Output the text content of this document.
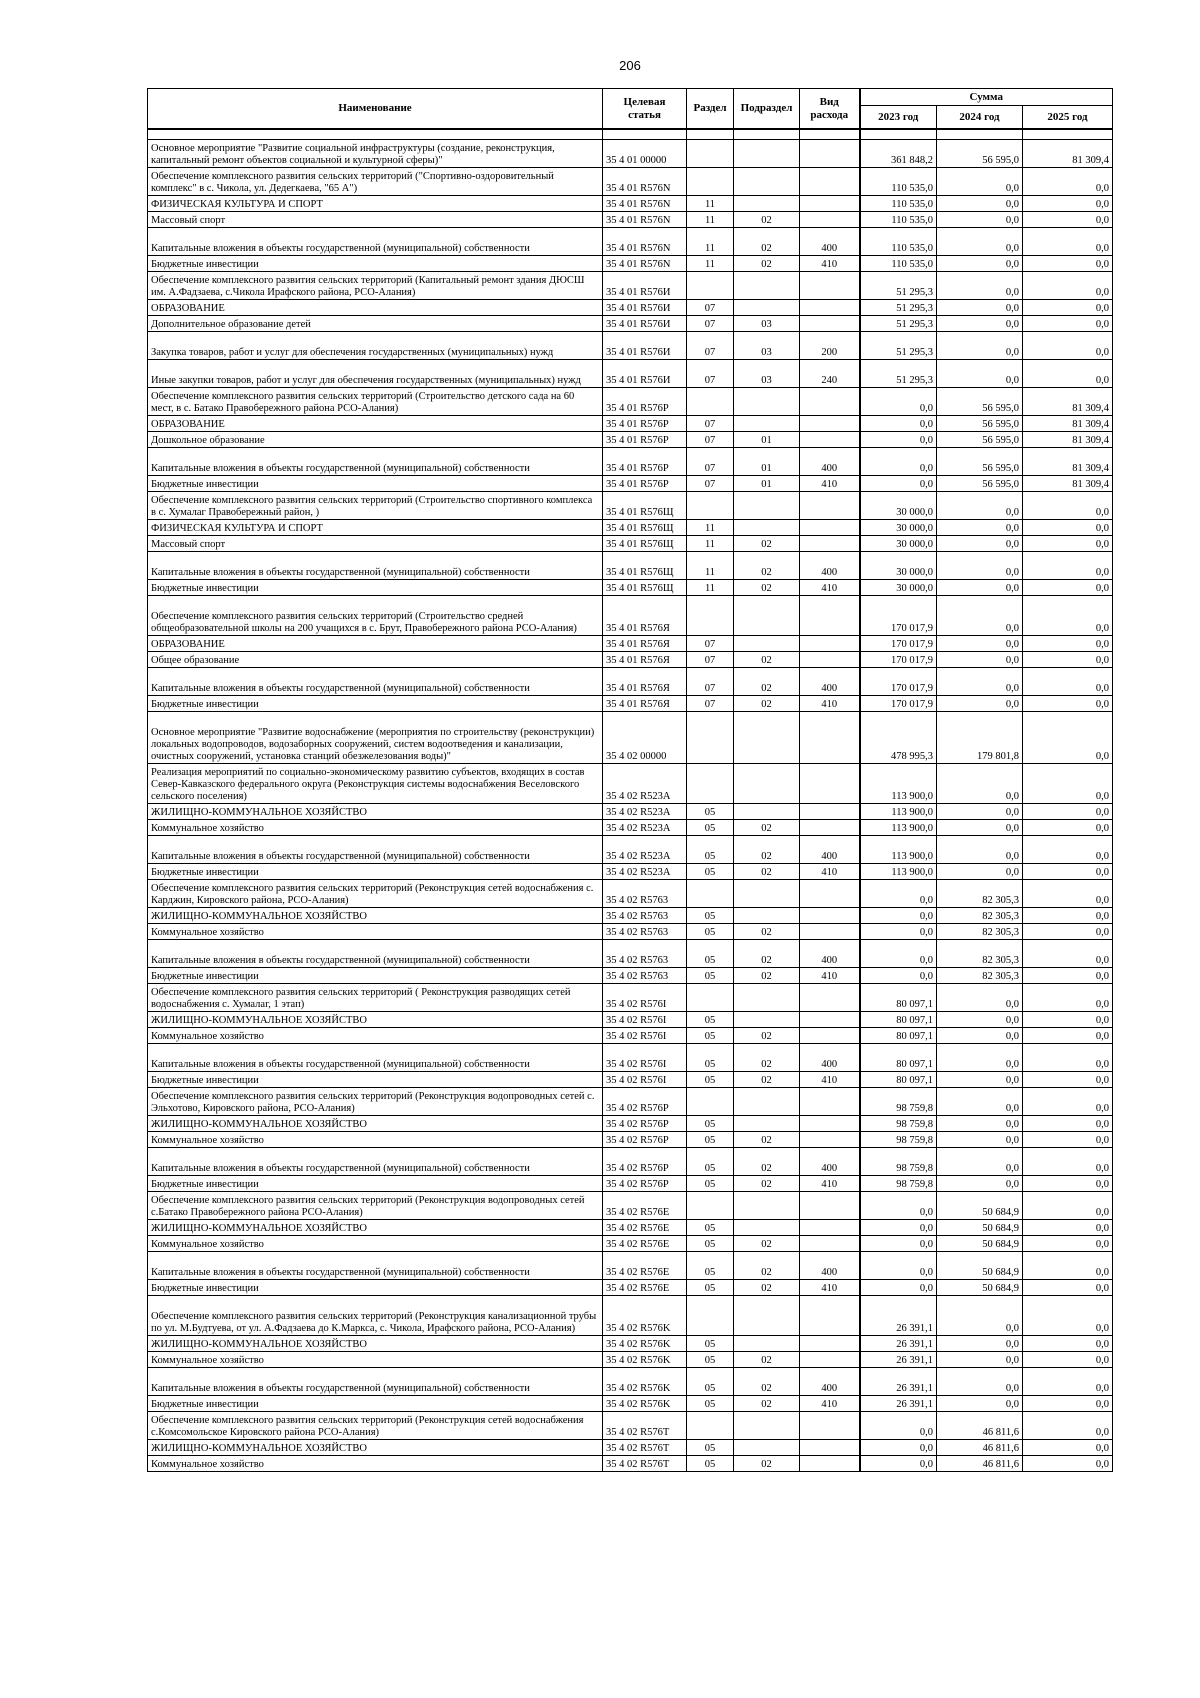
206
Наименование	Целевая статья	Раздел	Подраздел	Вид расхода	Сумма		
					2023 год	2024 год	2025 год

Основное мероприятие "Развитие социальной инфраструктуры (создание, реконструкция, капитальный ремонт объектов социальной и культурной сферы)"	35 4 01 00000				361 848,2	56 595,0	81 309,4
Обеспечение комплексного развития сельских территорий ("Спортивно-оздоровительный комплекс" в с. Чикола, ул. Дедегкаева, "65 А")	35 4 01 R576N				110 535,0	0,0	0,0
ФИЗИЧЕСКАЯ КУЛЬТУРА И СПОРТ	35 4 01 R576N	11			110 535,0	0,0	0,0
Массовый спорт	35 4 01 R576N	11	02		110 535,0	0,0	0,0
Капитальные вложения в объекты государственной (муниципальной) собственности	35 4 01 R576N	11	02	400	110 535,0	0,0	0,0
Бюджетные инвестиции	35 4 01 R576N	11	02	410	110 535,0	0,0	0,0
Обеспечение комплексного развития сельских территорий (Капитальный ремонт здания ДЮСШ им. А.Фадзаева, с.Чикола Ирафского района, РСО-Алания)	35 4 01 R576И				51 295,3	0,0	0,0
ОБРАЗОВАНИЕ	35 4 01 R576И	07			51 295,3	0,0	0,0
Дополнительное образование детей	35 4 01 R576И	07	03		51 295,3	0,0	0,0
Закупка товаров, работ и услуг для обеспечения государственных (муниципальных) нужд	35 4 01 R576И	07	03	200	51 295,3	0,0	0,0
Иные закупки товаров, работ и услуг для обеспечения государственных (муниципальных) нужд	35 4 01 R576И	07	03	240	51 295,3	0,0	0,0
Обеспечение комплексного развития сельских территорий (Строительство детского сада на 60 мест, в с. Батако Правобережного района РСО-Алания)	35 4 01 R576P				0,0	56 595,0	81 309,4
ОБРАЗОВАНИЕ	35 4 01 R576P	07			0,0	56 595,0	81 309,4
Дошкольное образование	35 4 01 R576P	07	01		0,0	56 595,0	81 309,4
Капитальные вложения в объекты государственной (муниципальной) собственности	35 4 01 R576P	07	01	400	0,0	56 595,0	81 309,4
Бюджетные инвестиции	35 4 01 R576P	07	01	410	0,0	56 595,0	81 309,4
Обеспечение комплексного развития сельских территорий (Строительство спортивного комплекса в с. Хумалаг Правобережный район, )	35 4 01 R576Щ				30 000,0	0,0	0,0
ФИЗИЧЕСКАЯ КУЛЬТУРА И СПОРТ	35 4 01 R576Щ	11			30 000,0	0,0	0,0
Массовый спорт	35 4 01 R576Щ	11	02		30 000,0	0,0	0,0
Капитальные вложения в объекты государственной (муниципальной) собственности	35 4 01 R576Щ	11	02	400	30 000,0	0,0	0,0
Бюджетные инвестиции	35 4 01 R576Щ	11	02	410	30 000,0	0,0	0,0
Обеспечение комплексного развития сельских территорий (Строительство средней общеобразовательной школы на 200 учащихся в с. Брут, Правобережного района РСО-Алания)	35 4 01 R576Я				170 017,9	0,0	0,0
ОБРАЗОВАНИЕ	35 4 01 R576Я	07			170 017,9	0,0	0,0
Общее образование	35 4 01 R576Я	07	02		170 017,9	0,0	0,0
Капитальные вложения в объекты государственной (муниципальной) собственности	35 4 01 R576Я	07	02	400	170 017,9	0,0	0,0
Бюджетные инвестиции	35 4 01 R576Я	07	02	410	170 017,9	0,0	0,0
Основное мероприятие "Развитие водоснабжение (мероприятия по строительству (реконструкции) локальных водопроводов, водозаборных сооружений, систем водоотведения и канализации, очистных сооружений, установка станций обезжелезования воды)"	35 4 02 00000				478 995,3	179 801,8	0,0
Реализация мероприятий по социально-экономическому развитию субъектов, входящих в состав Север-Кавказского федерального округа (Реконструкция системы водоснабжения Веселовского сельского поселения)	35 4 02 R523A				113 900,0	0,0	0,0
ЖИЛИЩНО-КОММУНАЛЬНОЕ ХОЗЯЙСТВО	35 4 02 R523A	05			113 900,0	0,0	0,0
Коммунальное хозяйство	35 4 02 R523A	05	02		113 900,0	0,0	0,0
Капитальные вложения в объекты государственной (муниципальной) собственности	35 4 02 R523A	05	02	400	113 900,0	0,0	0,0
Бюджетные инвестиции	35 4 02 R523A	05	02	410	113 900,0	0,0	0,0
Обеспечение комплексного развития сельских территорий (Реконструкция сетей водоснабжения с. Карджин, Кировского района, РСО-Алания)	35 4 02 R5763				0,0	82 305,3	0,0
ЖИЛИЩНО-КОММУНАЛЬНОЕ ХОЗЯЙСТВО	35 4 02 R5763	05			0,0	82 305,3	0,0
Коммунальное хозяйство	35 4 02 R5763	05	02		0,0	82 305,3	0,0
Капитальные вложения в объекты государственной (муниципальной) собственности	35 4 02 R5763	05	02	400	0,0	82 305,3	0,0
Бюджетные инвестиции	35 4 02 R5763	05	02	410	0,0	82 305,3	0,0
Обеспечение комплексного развития сельских территорий ( Реконструкция разводящих сетей водоснабжения с. Хумалаг, 1 этап)	35 4 02 R576I				80 097,1	0,0	0,0
ЖИЛИЩНО-КОММУНАЛЬНОЕ ХОЗЯЙСТВО	35 4 02 R576I	05			80 097,1	0,0	0,0
Коммунальное хозяйство	35 4 02 R576I	05	02		80 097,1	0,0	0,0
Капитальные вложения в объекты государственной (муниципальной) собственности	35 4 02 R576I	05	02	400	80 097,1	0,0	0,0
Бюджетные инвестиции	35 4 02 R576I	05	02	410	80 097,1	0,0	0,0
Обеспечение комплексного развития сельских территорий (Реконструкция водопроводных сетей с. Эльхотово, Кировского района, РСО-Алания)	35 4 02 R576P				98 759,8	0,0	0,0
ЖИЛИЩНО-КОММУНАЛЬНОЕ ХОЗЯЙСТВО	35 4 02 R576P	05			98 759,8	0,0	0,0
Коммунальное хозяйство	35 4 02 R576P	05	02		98 759,8	0,0	0,0
Капитальные вложения в объекты государственной (муниципальной) собственности	35 4 02 R576P	05	02	400	98 759,8	0,0	0,0
Бюджетные инвестиции	35 4 02 R576P	05	02	410	98 759,8	0,0	0,0
Обеспечение комплексного развития сельских территорий (Реконструкция водопроводных сетей с.Батако Правобережного района РСО-Алания)	35 4 02 R576E				0,0	50 684,9	0,0
ЖИЛИЩНО-КОММУНАЛЬНОЕ ХОЗЯЙСТВО	35 4 02 R576E	05			0,0	50 684,9	0,0
Коммунальное хозяйство	35 4 02 R576E	05	02		0,0	50 684,9	0,0
Капитальные вложения в объекты государственной (муниципальной) собственности	35 4 02 R576E	05	02	400	0,0	50 684,9	0,0
Бюджетные инвестиции	35 4 02 R576E	05	02	410	0,0	50 684,9	0,0
Обеспечение комплексного развития сельских территорий (Реконструкция канализационной трубы по ул. М.Будтуева, от ул. А.Фадзаева до К.Маркса, с. Чикола, Ирафского района, РСО-Алания)	35 4 02 R576K				26 391,1	0,0	0,0
ЖИЛИЩНО-КОММУНАЛЬНОЕ ХОЗЯЙСТВО	35 4 02 R576K	05			26 391,1	0,0	0,0
Коммунальное хозяйство	35 4 02 R576K	05	02		26 391,1	0,0	0,0
Капитальные вложения в объекты государственной (муниципальной) собственности	35 4 02 R576K	05	02	400	26 391,1	0,0	0,0
Бюджетные инвестиции	35 4 02 R576K	05	02	410	26 391,1	0,0	0,0
Обеспечение комплексного развития сельских территорий (Реконструкция сетей водоснабжения с.Комсомольское Кировского района РСО-Алания)	35 4 02 R576T				0,0	46 811,6	0,0
ЖИЛИЩНО-КОММУНАЛЬНОЕ ХОЗЯЙСТВО	35 4 02 R576T	05			0,0	46 811,6	0,0
Коммунальное хозяйство	35 4 02 R576T	05	02		0,0	46 811,6	0,0
